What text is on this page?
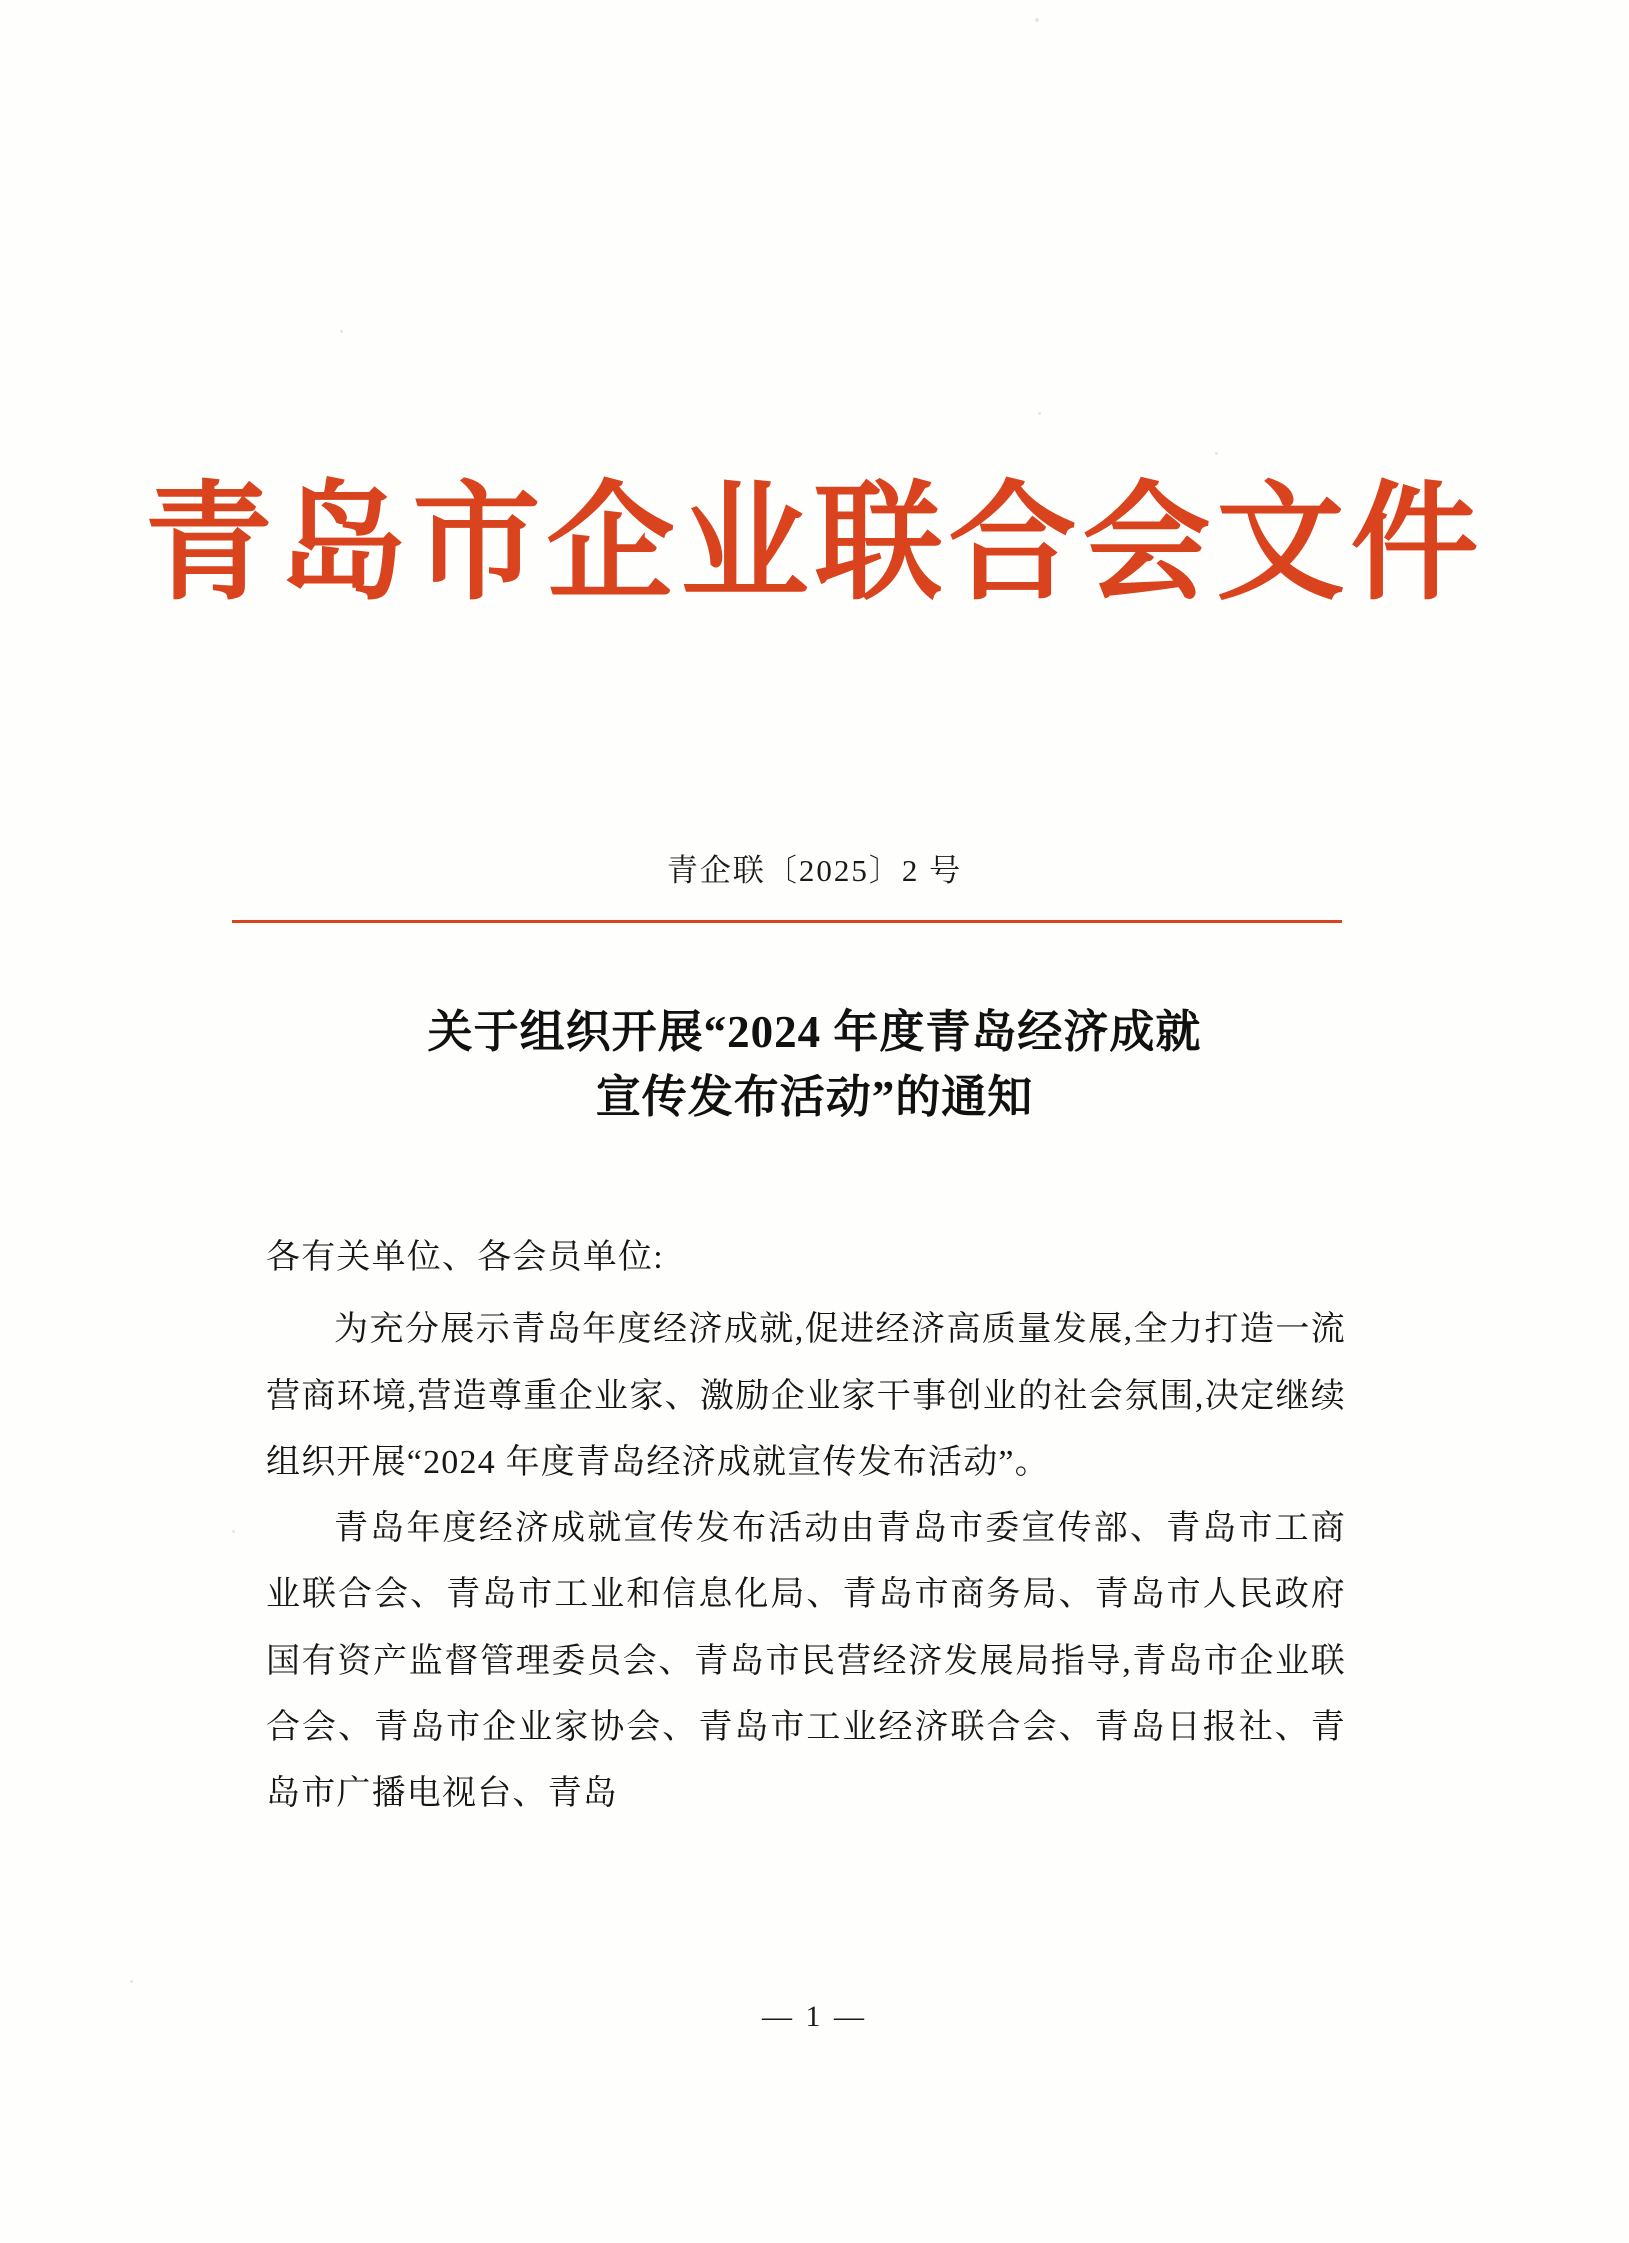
青岛市企业联合会文件
青企联〔2025〕2 号
关于组织开展“2024 年度青岛经济成就
宣传发布活动”的通知

各有关单位、各会员单位:

为充分展示青岛年度经济成就,促进经济高质量发展,全力打造一流营商环境,营造尊重企业家、激励企业家干事创业的社会氛围,决定继续组织开展“2024 年度青岛经济成就宣传发布活动”。

青岛年度经济成就宣传发布活动由青岛市委宣传部、青岛市工商业联合会、青岛市工业和信息化局、青岛市商务局、青岛市人民政府国有资产监督管理委员会、青岛市民营经济发展局指导,青岛市企业联合会、青岛市企业家协会、青岛市工业经济联合会、青岛日报社、青岛市广播电视台、青岛

— 1 —
